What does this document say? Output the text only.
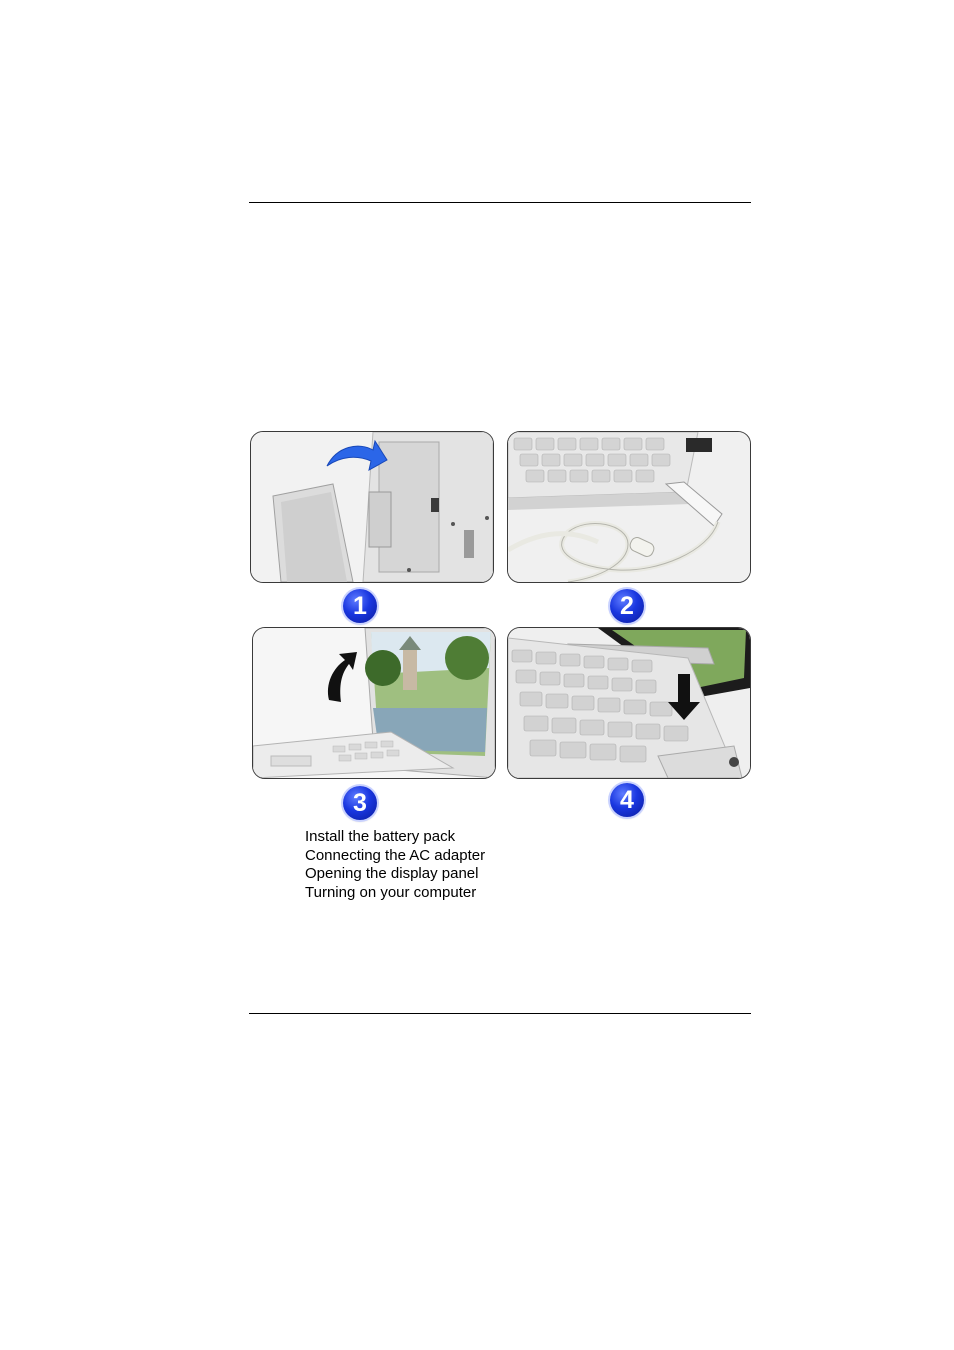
1	2
3	4
Install the battery pack
Connecting the AC adapter
Opening the display panel
Turning on your computer
